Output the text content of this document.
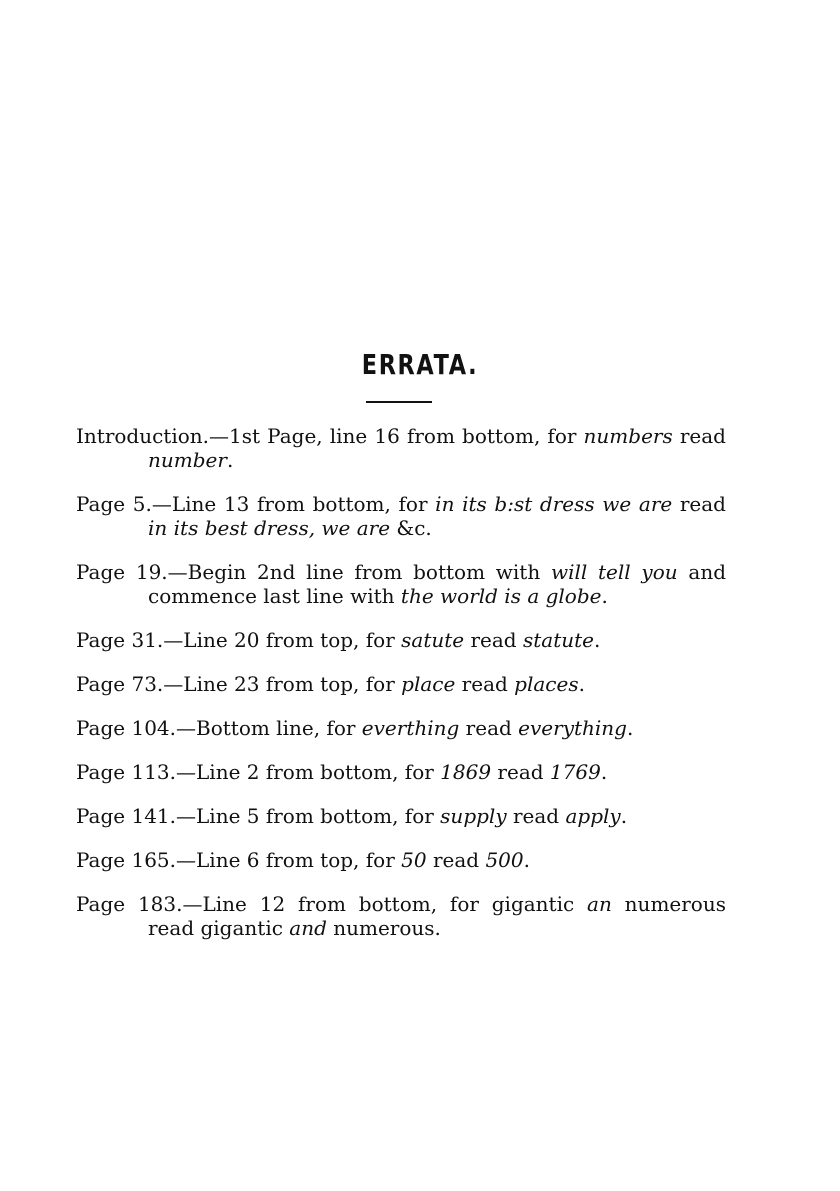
ERRATA.

Introduction.—1st Page, line 16 from bottom, for numbers read number.

Page 5.—Line 13 from bottom, for in its b:st dress we are read in its best dress, we are &c.

Page 19.—Begin 2nd line from bottom with will tell you and commence last line with the world is a globe.

Page 31.—Line 20 from top, for satute read statute.

Page 73.—Line 23 from top, for place read places.

Page 104.—Bottom line, for everthing read everything.

Page 113.—Line 2 from bottom, for 1869 read 1769.

Page 141.—Line 5 from bottom, for supply read apply.

Page 165.—Line 6 from top, for 50 read 500.

Page 183.—Line 12 from bottom, for gigantic an numerous read gigantic and numerous.
